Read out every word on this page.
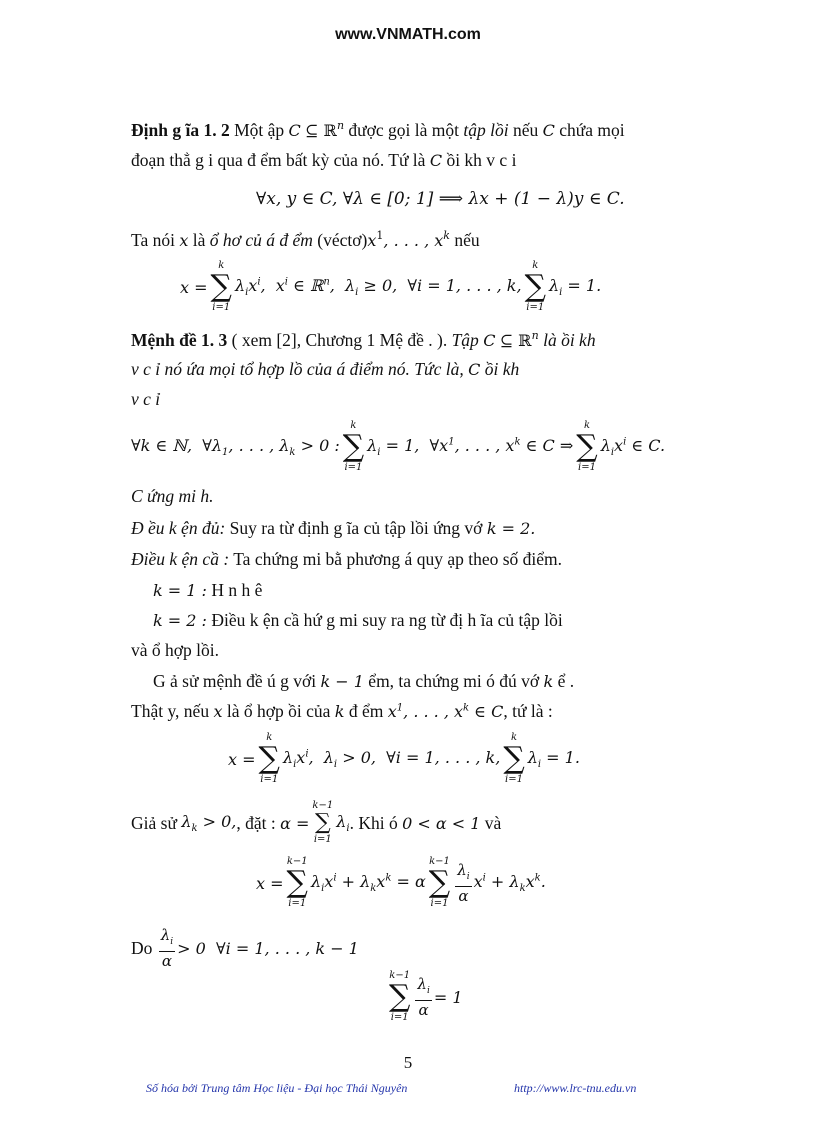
www.VNMATH.com
Định g ĩa 1. 2 Một ập C ⊆ ℝ$^n$ được gọi là một tập lồi nếu C chứa mọi
đoạn thẳ g i qua đ ểm bất kỳ của nó. Tứ là C ồi kh v c i
∀x, y ∈ C, ∀λ ∈ [0; 1] ⟹ λx + (1 − λ)y ∈ C.
Ta nói x là ổ hơ củ á đ ểm $(véctơ)x^1$, . . . , $x^k$ nếu
x =
k
∑
i=1
$\lambda_ix^i$,  $x^i$ ∈ ℝ$^n$,  $\lambda_i \ge 0$,  ∀i = 1, . . . , k,
k
∑
i=1
$\lambda_i = 1$.
Mệnh đề 1. 3 ( xem [2], Chương 1 Mệ đề . ). Tập C ⊆ ℝ$^n$ là ồi kh
v c ỉ nó ứa mọi tổ hợp lồ của á điểm nó. Tức là, C ồi kh
v c ỉ
∀k ∈ ℕ,  $\forall\lambda_1$, . . . , $\lambda_k > 0$ :
k
∑
i=1
$\lambda_i = 1$,  $\forall x^1$, . . . , $x^k$ ∈ C ⇒
k
∑
i=1
$\lambda_ix^i$ ∈ C.
C ứng mi h.
Đ ều k ện đủ: Suy ra từ định g ĩa củ tập lồi ứng vớ k = 2.
Điều k ện cầ : Ta chứng mi bằ phương á quy ạp theo số điểm.
k = 1 : H n h ê
k = 2 : Điều k ện cầ hứ g mi suy ra ng từ đị h ĩa củ tập lồi
và ổ hợp lồi.
G ả sử mệnh đề ú g với k − 1 ểm, ta chứng mi ó đú vớ k ể .
Thật y, nếu x là ổ hợp ồi của k đ ểm $x^1$, . . . , $x^k$ ∈ C, tứ là :
x =
k
∑
i=1
$\lambda_ix^i$,  $\lambda_i > 0$,  ∀i = 1, . . . , k,
k
∑
i=1
$\lambda_i = 1$.
Giả sử
$\lambda_k > 0$, , đặt :
α =
k−1
∑
i=1
$\lambda_i$ . Khi ó
0 < α < 1
và
x =
k−1
∑
i=1
$\lambda_ix^i + \lambda_kx^k = \alpha$
k−1
∑
$i=1 \frac{\lambda_i}{\alpha} x^i + \lambda_kx^k$.
Do
$\frac{\lambda_i}{\alpha} > 0$  ∀i = 1, . . . , k − 1
k−1
∑
$i=1 \frac{\lambda_i}{\alpha} = 1$
5
Số hóa bởi Trung tâm Học liệu - Đại học Thái Nguyên	http://www.lrc-tnu.edu.vn
